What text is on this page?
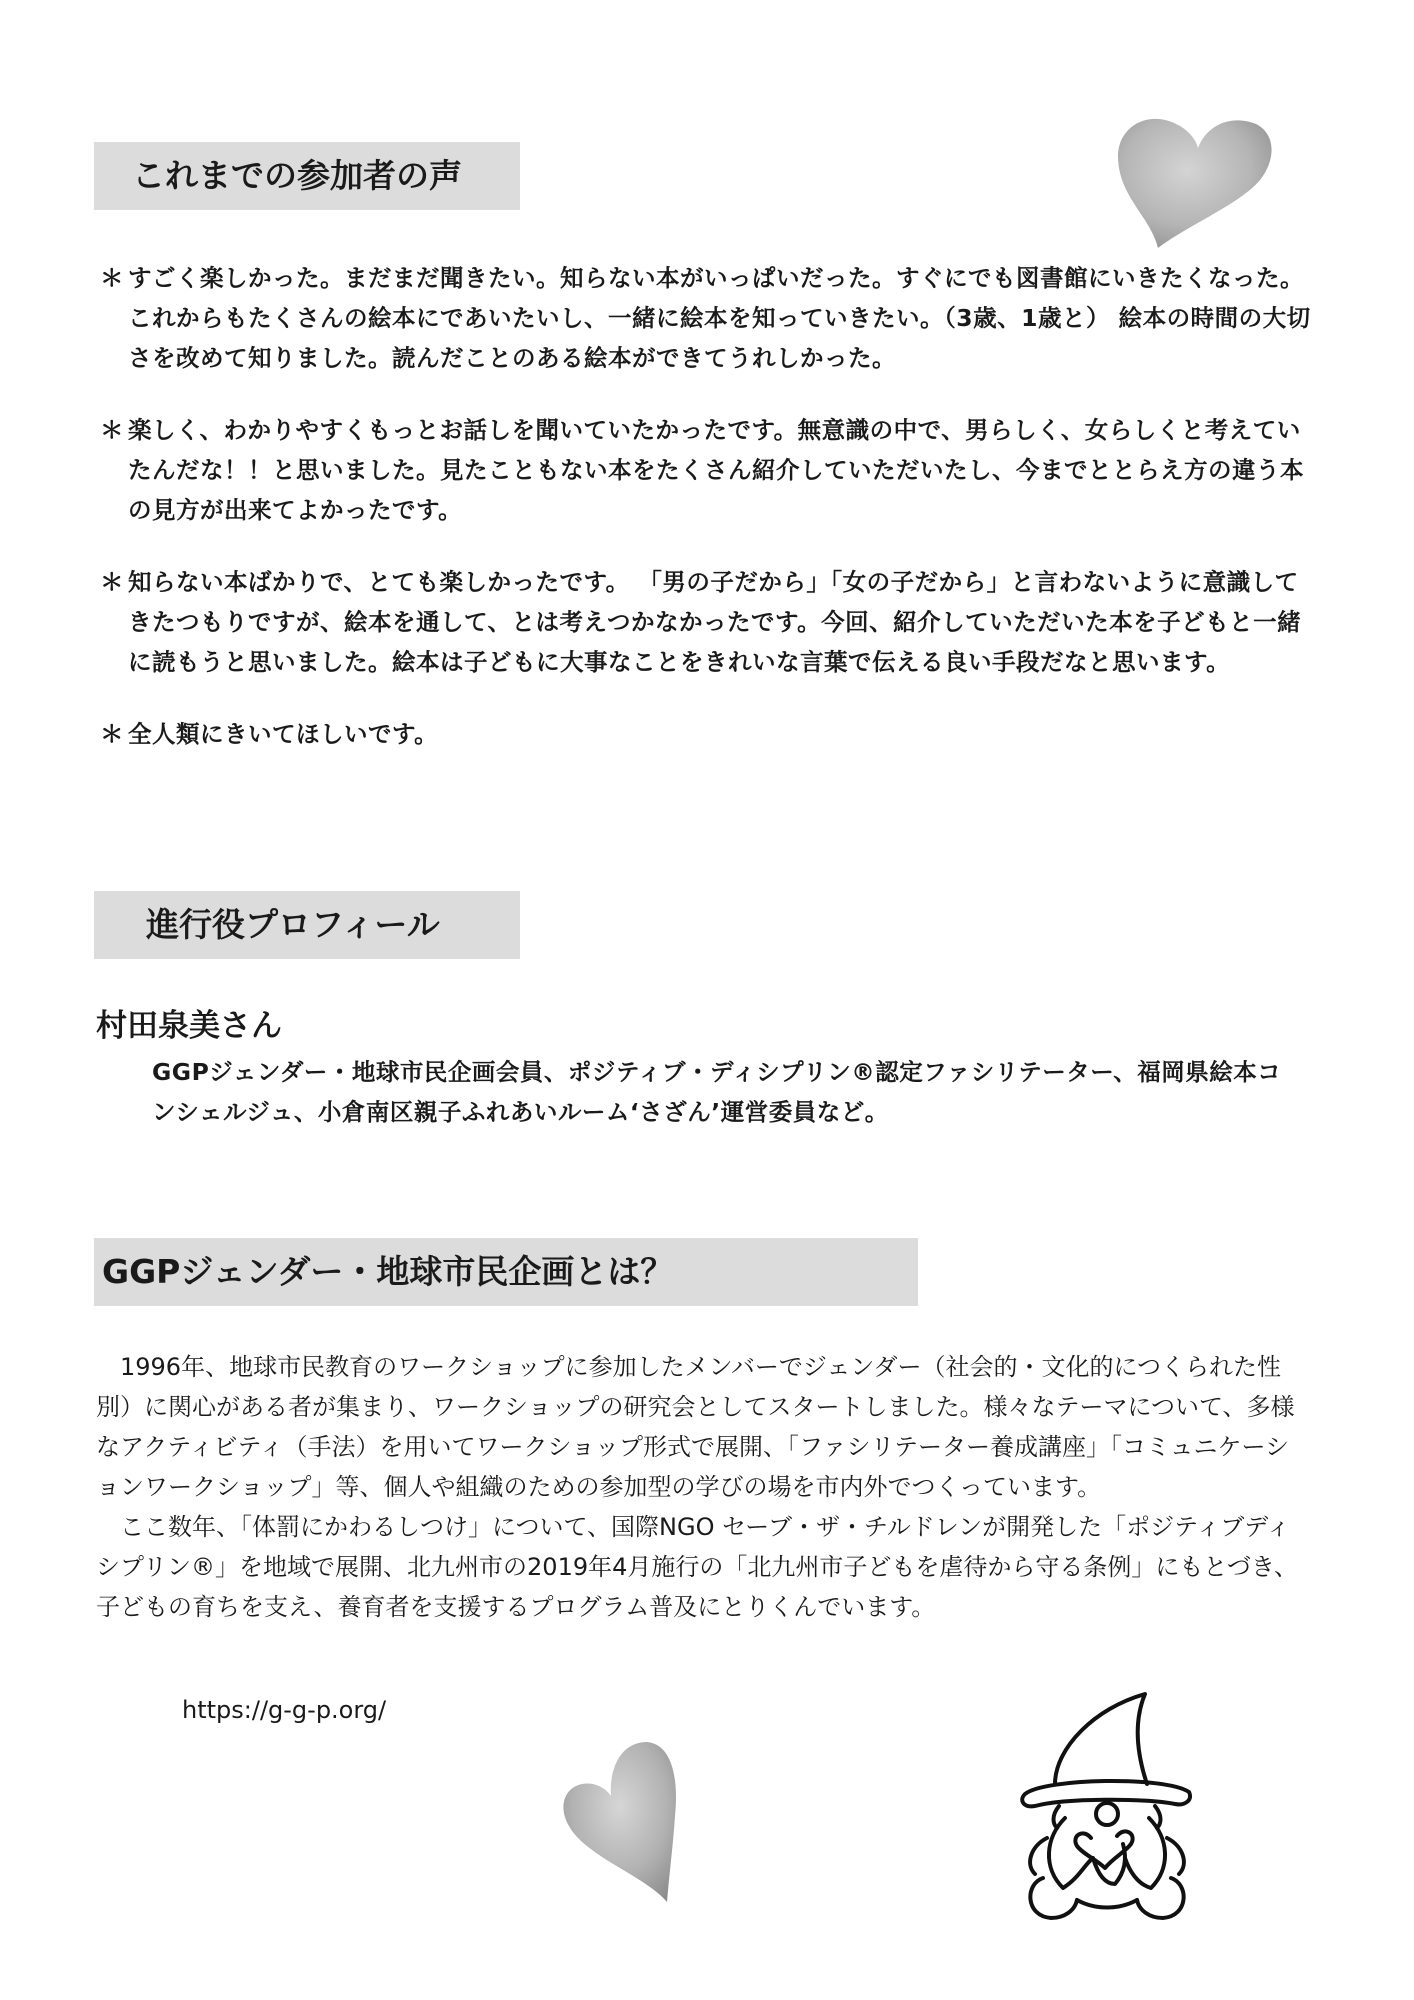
これまでの参加者の声
＊ すごく楽しかった。まだまだ聞きたい。知らない本がいっぱいだった。すぐにでも図書館にいきたくなった。これからもたくさんの絵本にであいたいし、一緒に絵本を知っていきたい。（3歳、1歳と） 絵本の時間の大切さを改めて知りました。読んだことのある絵本ができてうれしかった。
＊ 楽しく、わかりやすくもっとお話しを聞いていたかったです。無意識の中で、男らしく、女らしくと考えていたんだな！！と思いました。見たこともない本をたくさん紹介していただいたし、今までととらえ方の違う本の見方が出来てよかったです。
＊ 知らない本ばかりで、とても楽しかったです。 「男の子だから」「女の子だから」と言わないように意識してきたつもりですが、絵本を通して、とは考えつかなかったです。今回、紹介していただいた本を子どもと一緒に読もうと思いました。絵本は子どもに大事なことをきれいな言葉で伝える良い手段だなと思います。
＊ 全人類にきいてほしいです。
進行役プロフィール
村田泉美さん
GGPジェンダー・地球市民企画会員、ポジティブ・ディシプリン®認定ファシリテーター、福岡県絵本コンシェルジュ、小倉南区親子ふれあいルーム‘さざん’運営委員など。
GGPジェンダー・地球市民企画とは？

1996年、地球市民教育のワークショップに参加したメンバーでジェンダー（社会的・文化的につくられた性別）に関心がある者が集まり、ワークショップの研究会としてスタートしました。様々なテーマについて、多様なアクティビティ（手法）を用いてワークショップ形式で展開、「ファシリテーター養成講座」「コミュニケーションワークショップ」等、個人や組織のための参加型の学びの場を市内外でつくっています。

ここ数年、「体罰にかわるしつけ」について、国際NGO セーブ・ザ・チルドレンが開発した「ポジティブディシプリン®」を地域で展開、北九州市の2019年4月施行の「北九州市子どもを虐待から守る条例」にもとづき、子どもの育ちを支え、養育者を支援するプログラム普及にとりくんでいます。

https://g-g-p.org/
